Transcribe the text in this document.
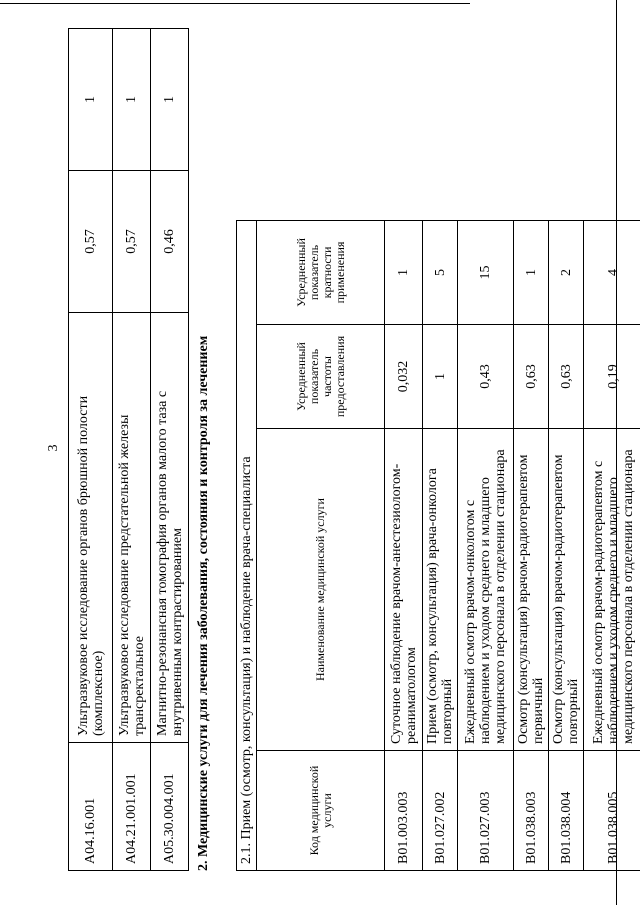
3
A04.16.001	Ультразвуковое исследование органов брюшной полости (комплексное)	0,57	1
A04.21.001.001	Ультразвуковое исследование предстательной железы трансректальное	0,57	1
A05.30.004.001	Магнитно-резонансная томография органов малого таза с внутривенным контрастированием	0,46	1
2. Медицинские услуги для лечения заболевания, состояния и контроля за лечением 2.1. Прием (осмотр, консультация) и наблюдение врача-специалиста			
Код медицинской услуги	Наименование медицинской услуги	Усредненный показатель частоты предоставления	Усредненный показатель кратности применения
B01.003.003	Суточное наблюдение врачом-анестезиологом-реаниматологом	0,032	1
B01.027.002	Прием (осмотр, консультация) врача-онколога повторный	1	5
B01.027.003	Ежедневный осмотр врачом-онкологом с наблюдением и уходом среднего и младшего медицинского персонала в отделении стационара	0,43	15
B01.038.003	Осмотр (консультация) врачом-радиотерапевтом первичный	0,63	1
B01.038.004	Осмотр (консультация) врачом-радиотерапевтом повторный	0,63	2
B01.038.005	Ежедневный осмотр врачом-радиотерапевтом с наблюдением и уходом среднего и младшего медицинского персонала в отделении стационара	0,19	4
